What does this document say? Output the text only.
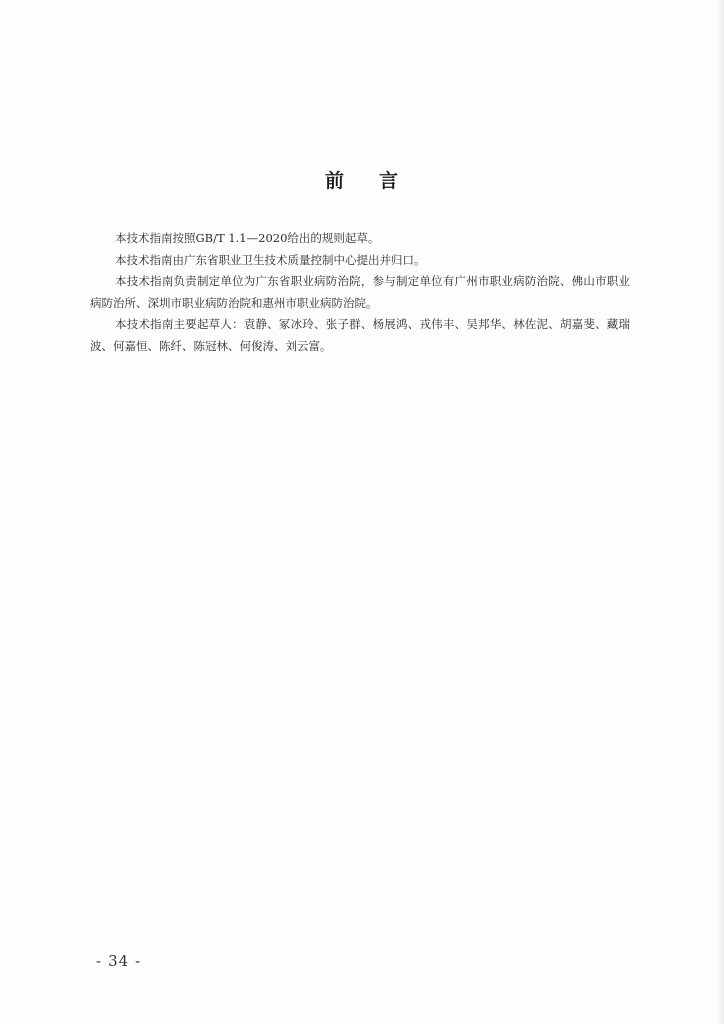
前 言

本技术指南按照GB/T 1.1—2020给出的规则起草。

本技术指南由广东省职业卫生技术质量控制中心提出并归口。

本技术指南负责制定单位为广东省职业病防治院，参与制定单位有广州市职业病防治院、佛山市职业病防治所、深圳市职业病防治院和惠州市职业病防治院。

本技术指南主要起草人：袁静、冢冰玲、张子群、杨展鸿、戎伟丰、吴邦华、林佐泥、胡嘉斐、藏瑞波、何嘉恒、陈纤、陈冠林、何俊涛、刘云富。

- 34 -
